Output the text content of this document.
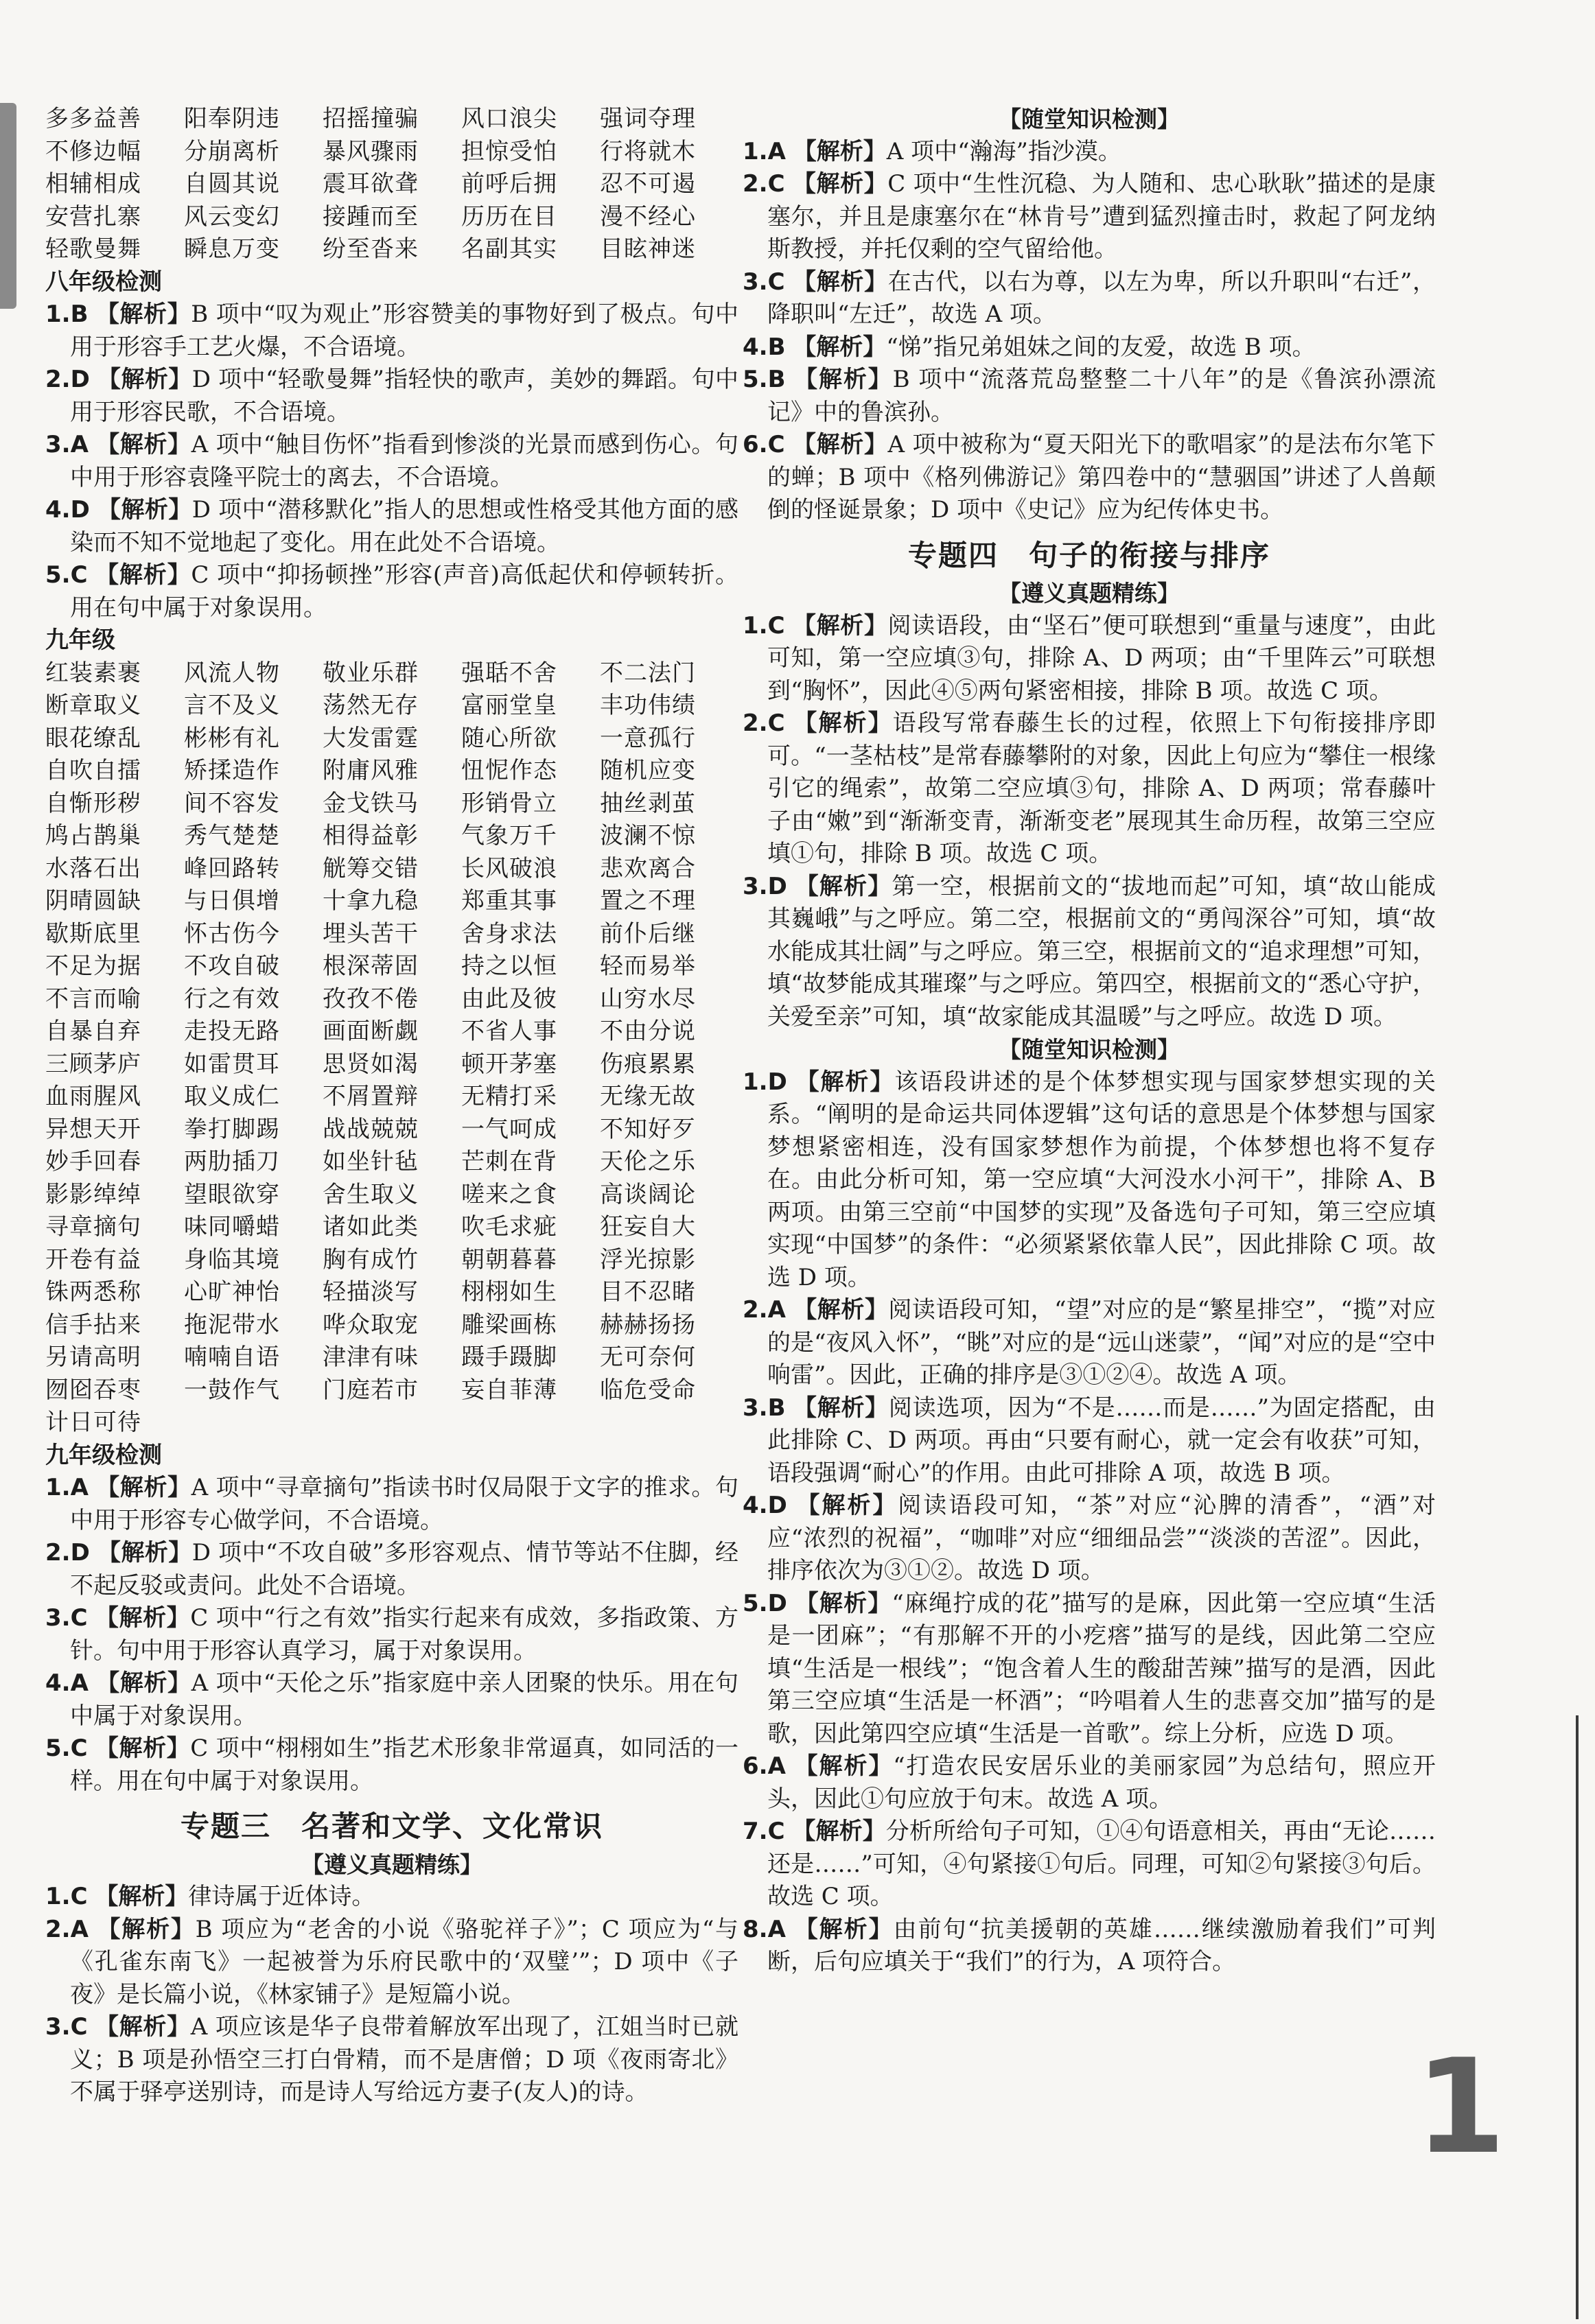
多多益善	阳奉阴违	招摇撞骗	风口浪尖	强词夺理
不修边幅	分崩离析	暴风骤雨	担惊受怕	行将就木
相辅相成	自圆其说	震耳欲聋	前呼后拥	忍不可遏
安营扎寨	风云变幻	接踵而至	历历在目	漫不经心
轻歌曼舞	瞬息万变	纷至沓来	名副其实	目眩神迷
八年级检测
1.B 【解析】B 项中“叹为观止”形容赞美的事物好到了极点。句中用于形容手工艺火爆，不合语境。
2.D 【解析】D 项中“轻歌曼舞”指轻快的歌声，美妙的舞蹈。句中用于形容民歌，不合语境。
3.A 【解析】A 项中“触目伤怀”指看到惨淡的光景而感到伤心。句中用于形容袁隆平院士的离去，不合语境。
4.D 【解析】D 项中“潜移默化”指人的思想或性格受其他方面的感染而不知不觉地起了变化。用在此处不合语境。
5.C 【解析】C 项中“抑扬顿挫”形容(声音)高低起伏和停顿转折。用在句中属于对象误用。
九年级
红装素裹	风流人物	敬业乐群	强聒不舍	不二法门
断章取义	言不及义	荡然无存	富丽堂皇	丰功伟绩
眼花缭乱	彬彬有礼	大发雷霆	随心所欲	一意孤行
自吹自擂	矫揉造作	附庸风雅	忸怩作态	随机应变
自惭形秽	间不容发	金戈铁马	形销骨立	抽丝剥茧
鸠占鹊巢	秀气楚楚	相得益彰	气象万千	波澜不惊
水落石出	峰回路转	觥筹交错	长风破浪	悲欢离合
阴晴圆缺	与日俱增	十拿九稳	郑重其事	置之不理
歇斯底里	怀古伤今	埋头苦干	舍身求法	前仆后继
不足为据	不攻自破	根深蒂固	持之以恒	轻而易举
不言而喻	行之有效	孜孜不倦	由此及彼	山穷水尽
自暴自弃	走投无路	画面断觑	不省人事	不由分说
三顾茅庐	如雷贯耳	思贤如渴	顿开茅塞	伤痕累累
血雨腥风	取义成仁	不屑置辩	无精打采	无缘无故
异想天开	拳打脚踢	战战兢兢	一气呵成	不知好歹
妙手回春	两肋插刀	如坐针毡	芒刺在背	天伦之乐
影影绰绰	望眼欲穿	舍生取义	嗟来之食	高谈阔论
寻章摘句	味同嚼蜡	诸如此类	吹毛求疵	狂妄自大
开卷有益	身临其境	胸有成竹	朝朝暮暮	浮光掠影
铢两悉称	心旷神怡	轻描淡写	栩栩如生	目不忍睹
信手拈来	拖泥带水	哗众取宠	雕梁画栋	赫赫扬扬
另请高明	喃喃自语	津津有味	蹑手蹑脚	无可奈何
囫囵吞枣	一鼓作气	门庭若市	妄自菲薄	临危受命
计日可待
九年级检测
1.A 【解析】A 项中“寻章摘句”指读书时仅局限于文字的推求。句中用于形容专心做学问，不合语境。
2.D 【解析】D 项中“不攻自破”多形容观点、情节等站不住脚，经不起反驳或责问。此处不合语境。
3.C 【解析】C 项中“行之有效”指实行起来有成效，多指政策、方针。句中用于形容认真学习，属于对象误用。
4.A 【解析】A 项中“天伦之乐”指家庭中亲人团聚的快乐。用在句中属于对象误用。
5.C 【解析】C 项中“栩栩如生”指艺术形象非常逼真，如同活的一样。用在句中属于对象误用。
专题三　名著和文学、文化常识
【遵义真题精练】
1.C 【解析】律诗属于近体诗。
2.A 【解析】B 项应为“老舍的小说《骆驼祥子》”；C 项应为“与《孔雀东南飞》一起被誉为乐府民歌中的‘双璧’”；D 项中《子夜》是长篇小说，《林家铺子》是短篇小说。
3.C 【解析】A 项应该是华子良带着解放军出现了，江姐当时已就义；B 项是孙悟空三打白骨精，而不是唐僧；D 项《夜雨寄北》不属于驿亭送别诗，而是诗人写给远方妻子(友人)的诗。
【随堂知识检测】
1.A 【解析】A 项中“瀚海”指沙漠。
2.C 【解析】C 项中“生性沉稳、为人随和、忠心耿耿”描述的是康塞尔，并且是康塞尔在“林肯号”遭到猛烈撞击时，救起了阿龙纳斯教授，并托仅剩的空气留给他。
3.C 【解析】在古代，以右为尊，以左为卑，所以升职叫“右迁”，降职叫“左迁”，故选 A 项。
4.B 【解析】“悌”指兄弟姐妹之间的友爱，故选 B 项。
5.B 【解析】B 项中“流落荒岛整整二十八年”的是《鲁滨孙漂流记》中的鲁滨孙。
6.C 【解析】A 项中被称为“夏天阳光下的歌唱家”的是法布尔笔下的蝉；B 项中《格列佛游记》第四卷中的“慧骃国”讲述了人兽颠倒的怪诞景象；D 项中《史记》应为纪传体史书。
专题四　句子的衔接与排序
【遵义真题精练】
1.C 【解析】阅读语段，由“坚石”便可联想到“重量与速度”，由此可知，第一空应填③句，排除 A、D 两项；由“千里阵云”可联想到“胸怀”，因此④⑤两句紧密相接，排除 B 项。故选 C 项。
2.C 【解析】语段写常春藤生长的过程，依照上下句衔接排序即可。“一茎枯枝”是常春藤攀附的对象，因此上句应为“攀住一根缘引它的绳索”，故第二空应填③句，排除 A、D 两项；常春藤叶子由“嫩”到“渐渐变青，渐渐变老”展现其生命历程，故第三空应填①句，排除 B 项。故选 C 项。
3.D 【解析】第一空，根据前文的“拔地而起”可知，填“故山能成其巍峨”与之呼应。第二空，根据前文的“勇闯深谷”可知，填“故水能成其壮阔”与之呼应。第三空，根据前文的“追求理想”可知，填“故梦能成其璀璨”与之呼应。第四空，根据前文的“悉心守护，关爱至亲”可知，填“故家能成其温暖”与之呼应。故选 D 项。
【随堂知识检测】
1.D 【解析】该语段讲述的是个体梦想实现与国家梦想实现的关系。“阐明的是命运共同体逻辑”这句话的意思是个体梦想与国家梦想紧密相连，没有国家梦想作为前提，个体梦想也将不复存在。由此分析可知，第一空应填“大河没水小河干”，排除 A、B 两项。由第三空前“中国梦的实现”及备选句子可知，第三空应填实现“中国梦”的条件：“必须紧紧依靠人民”，因此排除 C 项。故选 D 项。
2.A 【解析】阅读语段可知，“望”对应的是“繁星排空”，“揽”对应的是“夜风入怀”，“眺”对应的是“远山迷蒙”，“闻”对应的是“空中响雷”。因此，正确的排序是③①②④。故选 A 项。
3.B 【解析】阅读选项，因为“不是……而是……”为固定搭配，由此排除 C、D 两项。再由“只要有耐心，就一定会有收获”可知，语段强调“耐心”的作用。由此可排除 A 项，故选 B 项。
4.D 【解析】阅读语段可知，“茶”对应“沁脾的清香”，“酒”对应“浓烈的祝福”，“咖啡”对应“细细品尝”“淡淡的苦涩”。因此，排序依次为③①②。故选 D 项。
5.D 【解析】“麻绳拧成的花”描写的是麻，因此第一空应填“生活是一团麻”；“有那解不开的小疙瘩”描写的是线，因此第二空应填“生活是一根线”；“饱含着人生的酸甜苦辣”描写的是酒，因此第三空应填“生活是一杯酒”；“吟唱着人生的悲喜交加”描写的是歌，因此第四空应填“生活是一首歌”。综上分析，应选 D 项。
6.A 【解析】“打造农民安居乐业的美丽家园”为总结句，照应开头，因此①句应放于句末。故选 A 项。
7.C 【解析】分析所给句子可知，①④句语意相关，再由“无论……还是……”可知，④句紧接①句后。同理，可知②句紧接③句后。故选 C 项。
8.A 【解析】由前句“抗美援朝的英雄……继续激励着我们”可判断，后句应填关于“我们”的行为，A 项符合。
1
